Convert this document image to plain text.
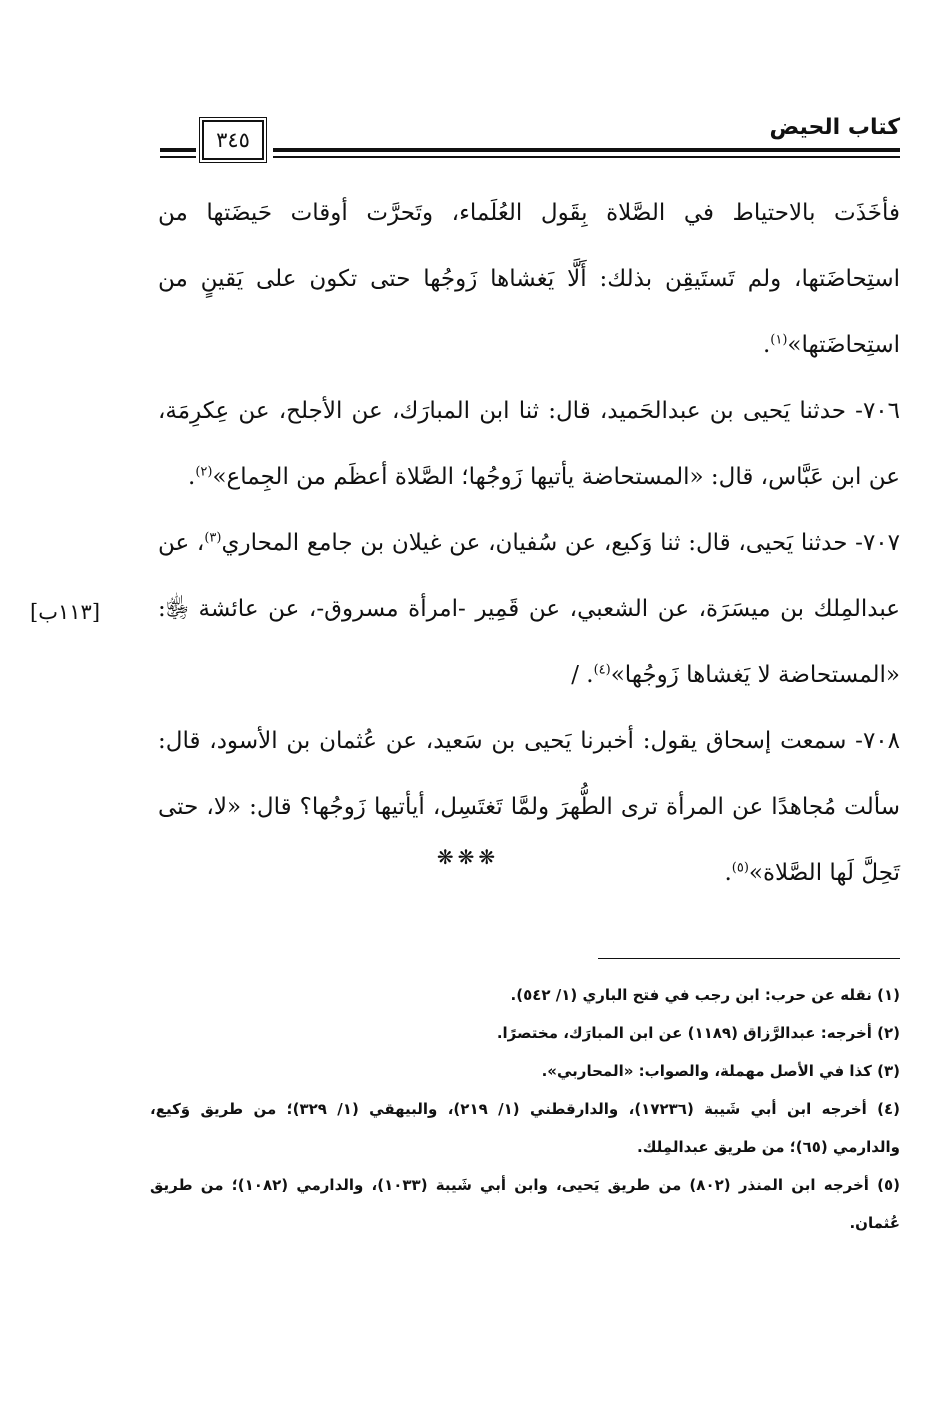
كتاب الحيض
٣٤٥

فأخَذَت بالاحتياط في الصَّلاة بِقَول العُلَماء، وتَحرَّت أوقات حَيضَتها من استِحاضَتها، ولم تَستَيقِن بذلك: أَلَّا يَغشاها زَوجُها حتى تكون على يَقينٍ من استِحاضَتها»$^{(١)}$.

٧٠٦- حدثنا يَحيى بن عبدالحَميد، قال: ثنا ابن المبارَك، عن الأجلح، عن عِكرِمَة، عن ابن عَبَّاس، قال: «المستحاضة يأتيها زَوجُها؛ الصَّلاة أعظَم من الجِماع»$^{(٢)}$.

٧٠٧- حدثنا يَحيى، قال: ثنا وَكيع، عن سُفيان، عن غيلان بن جامع المحاري$^{(٣)}$، عن عبدالمِلك بن ميسَرَة، عن الشعبي، عن قَمِير -امرأة مسروق-، عن عائشة ﵂: «المستحاضة لا يَغشاها زَوجُها»$^{(٤)}$. /

٧٠٨- سمعت إسحاق يقول: أخبرنا يَحيى بن سَعيد، عن عُثمان بن الأسود، قال: سألت مُجاهدًا عن المرأة ترى الطُّهرَ ولمَّا تَغتَسِل، أيأتيها زَوجُها؟ قال: «لا، حتى تَحِلَّ لَها الصَّلاة»$^{(٥)}$.

[١١٣ب]
❋❋❋

(١) نقله عن حرب: ابن رجب في فتح الباري (١/ ٥٤٢).

(٢) أخرجه: عبدالرَّزاق (١١٨٩) عن ابن المبارَك، مختصرًا.

(٣) كذا في الأصل مهملة، والصواب: «المحاربي».

(٤) أخرجه ابن أبي شَيبة (١٧٢٣٦)، والدارقطني (١/ ٢١٩)، والبيهقي (١/ ٣٢٩)؛ من طريق وَكيع، والدارمي (٦٥)؛ من طريق عبدالمِلك.

(٥) أخرجه ابن المنذر (٨٠٢) من طريق يَحيى، وابن أبي شَيبة (١٠٣٣)، والدارمي (١٠٨٢)؛ من طريق عُثمان.
